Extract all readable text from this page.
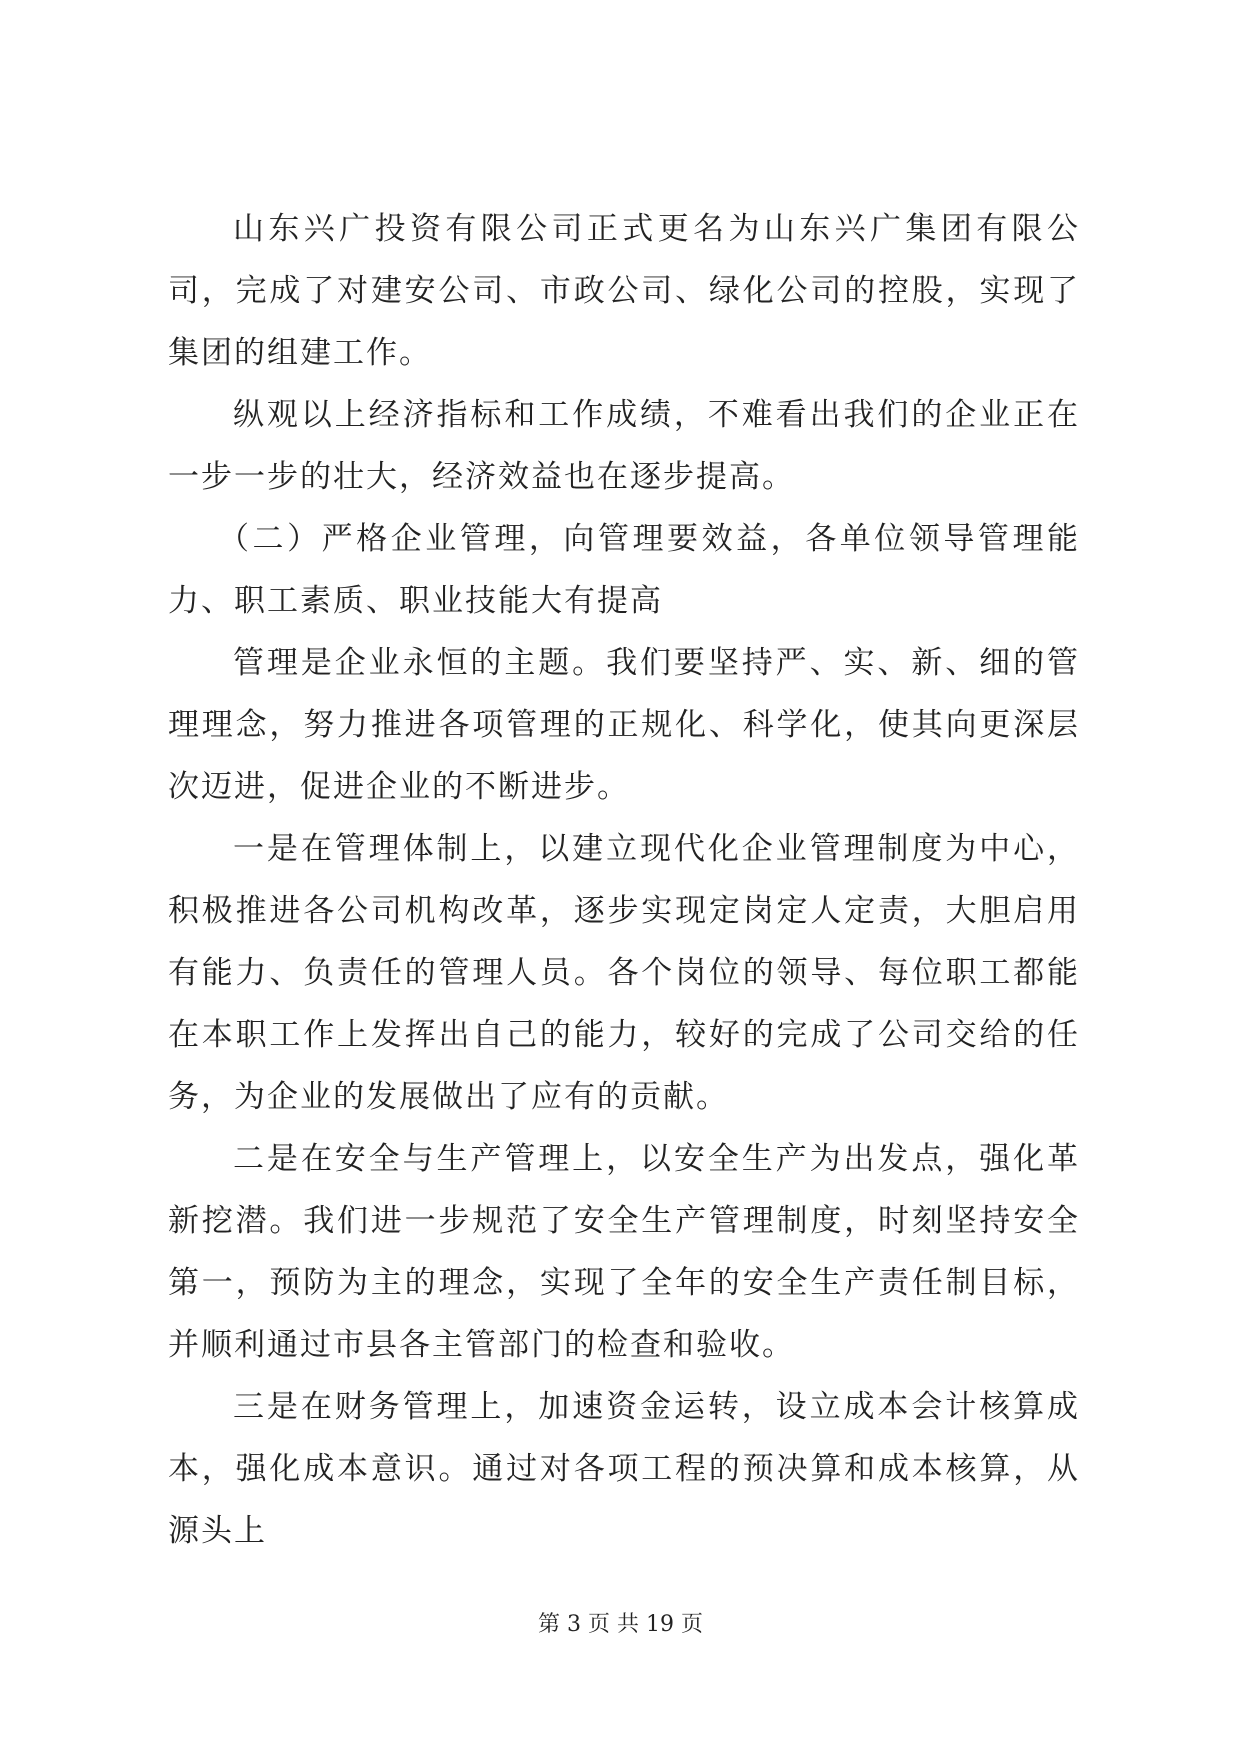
山东兴广投资有限公司正式更名为山东兴广集团有限公司，完成了对建安公司、市政公司、绿化公司的控股，实现了集团的组建工作。

纵观以上经济指标和工作成绩，不难看出我们的企业正在一步一步的壮大，经济效益也在逐步提高。

（二）严格企业管理，向管理要效益，各单位领导管理能力、职工素质、职业技能大有提高

管理是企业永恒的主题。我们要坚持严、实、新、细的管理理念，努力推进各项管理的正规化、科学化，使其向更深层次迈进，促进企业的不断进步。

一是在管理体制上，以建立现代化企业管理制度为中心，积极推进各公司机构改革，逐步实现定岗定人定责，大胆启用有能力、负责任的管理人员。各个岗位的领导、每位职工都能在本职工作上发挥出自己的能力，较好的完成了公司交给的任务，为企业的发展做出了应有的贡献。

二是在安全与生产管理上，以安全生产为出发点，强化革新挖潜。我们进一步规范了安全生产管理制度，时刻坚持安全第一，预防为主的理念，实现了全年的安全生产责任制目标，并顺利通过市县各主管部门的检查和验收。

三是在财务管理上，加速资金运转，设立成本会计核算成本，强化成本意识。通过对各项工程的预决算和成本核算，从源头上

第 3 页 共 19 页
